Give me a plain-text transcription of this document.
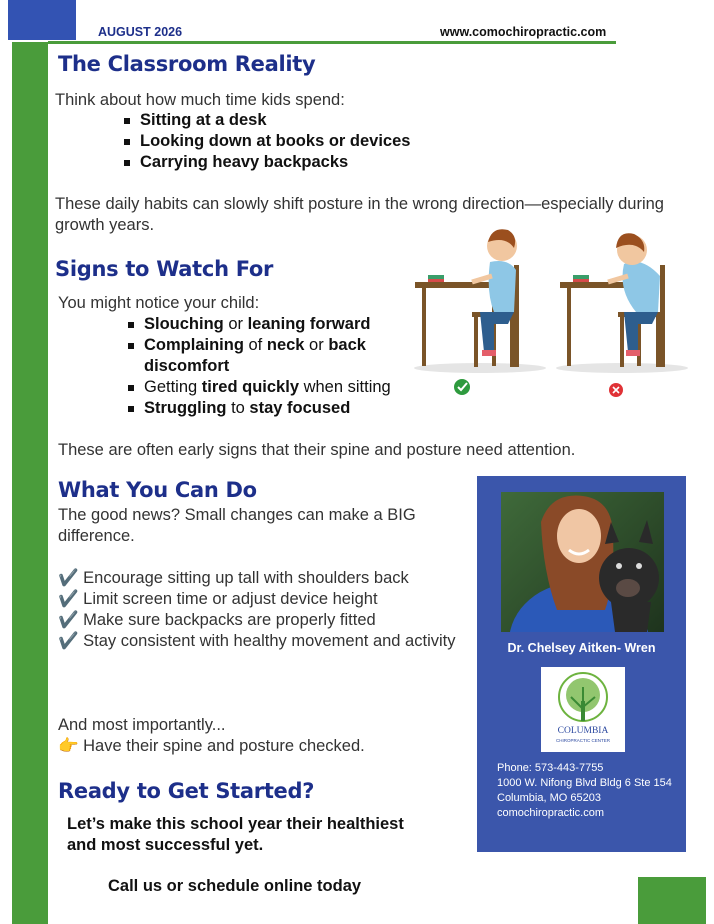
AUGUST 2026	www.comochiropractic.com
The Classroom Reality
Think about how much time kids spend:
Sitting at a desk
Looking down at books or devices
Carrying heavy backpacks
These daily habits can slowly shift posture in the wrong direction—especially during growth years.
Signs to Watch For
You might notice your child:
Slouching or leaning forward
Complaining of neck or back discomfort
Getting tired quickly when sitting
Struggling to stay focused
These are often early signs that their spine and posture need attention.
What You Can Do
The good news? Small changes can make a BIG difference.
✔️ Encourage sitting up tall with shoulders back
✔️ Limit screen time or adjust device height
✔️ Make sure backpacks are properly fitted
✔️ Stay consistent with healthy movement and activity
And most importantly...
👉 Have their spine and posture checked.
Ready to Get Started?
Let’s make this school year their healthiest
and most successful yet.
Call us or schedule online today
Dr. Chelsey Aitken- Wren
COLUMBIA
CHIROPRACTIC CENTER
Phone: 573-443-7755
1000 W. Nifong Blvd Bldg 6 Ste 154
Columbia, MO 65203
comochiropractic.com
